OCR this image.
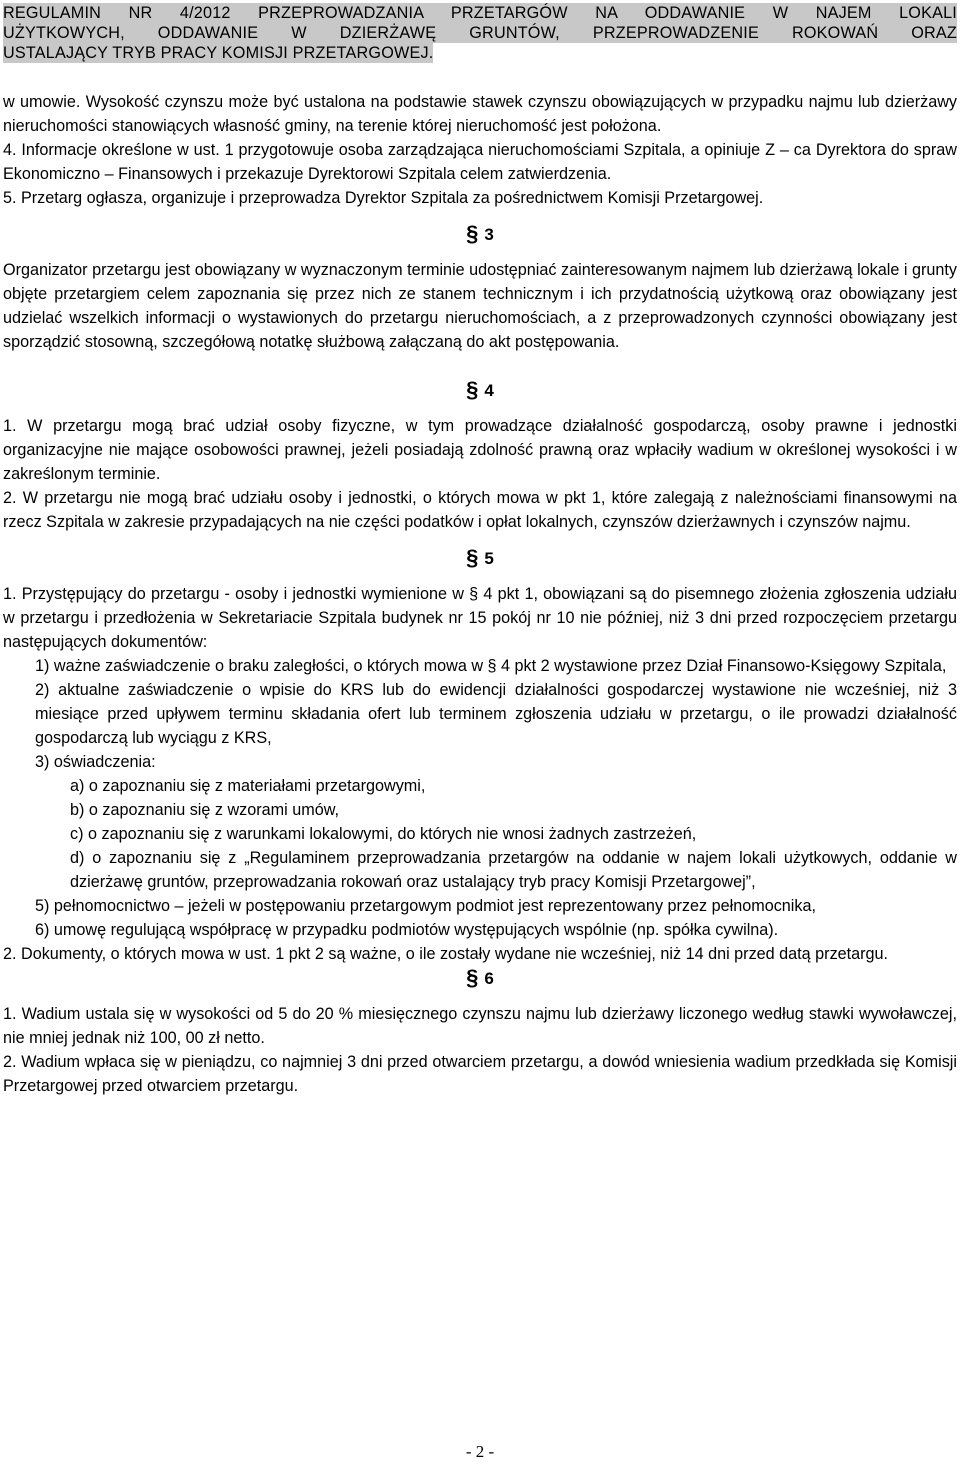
REGULAMIN NR 4/2012 PRZEPROWADZANIA PRZETARGÓW NA ODDAWANIE W NAJEM LOKALI
UŻYTKOWYCH, ODDAWANIE W DZIERŻAWĘ GRUNTÓW, PRZEPROWADZENIE ROKOWAŃ ORAZ
USTALAJĄCY TRYB PRACY KOMISJI PRZETARGOWEJ.

w umowie. Wysokość czynszu może być ustalona na podstawie stawek czynszu obowiązujących w przypadku najmu lub dzierżawy nieruchomości stanowiących własność gminy, na terenie której nieruchomość jest położona.

4. Informacje określone w ust. 1 przygotowuje osoba zarządzająca nieruchomościami Szpitala, a opiniuje Z – ca Dyrektora do spraw Ekonomiczno – Finansowych i przekazuje Dyrektorowi Szpitala celem zatwierdzenia.

5. Przetarg ogłasza, organizuje i przeprowadza Dyrektor Szpitala za pośrednictwem Komisji Przetargowej.

§ 3

Organizator przetargu jest obowiązany w wyznaczonym terminie udostępniać zainteresowanym najmem lub dzierżawą lokale i grunty objęte przetargiem celem zapoznania się przez nich ze stanem technicznym i ich przydatnością użytkową oraz obowiązany jest udzielać wszelkich informacji o wystawionych do przetargu nieruchomościach, a z przeprowadzonych czynności obowiązany jest sporządzić stosowną, szczegółową notatkę służbową załączaną do akt postępowania.

§ 4

1. W przetargu mogą brać udział osoby fizyczne, w tym prowadzące działalność gospodarczą, osoby prawne i jednostki organizacyjne nie mające osobowości prawnej, jeżeli posiadają zdolność prawną oraz wpłaciły wadium w określonej wysokości i w zakreślonym terminie.

2. W przetargu nie mogą brać udziału osoby i jednostki, o których mowa w pkt 1, które zalegają z należnościami finansowymi na rzecz Szpitala w zakresie przypadających na nie części podatków i opłat lokalnych, czynszów dzierżawnych i czynszów najmu.

§ 5

1. Przystępujący do przetargu - osoby i jednostki wymienione w § 4 pkt 1, obowiązani są do pisemnego złożenia zgłoszenia udziału w przetargu i przedłożenia w Sekretariacie Szpitala budynek nr 15 pokój nr 10 nie później, niż 3 dni przed rozpoczęciem przetargu następujących dokumentów:

1) ważne zaświadczenie o braku zaległości, o których mowa w § 4 pkt 2 wystawione przez Dział Finansowo-Księgowy Szpitala,

2) aktualne zaświadczenie o wpisie do KRS lub do ewidencji działalności gospodarczej wystawione nie wcześniej, niż 3 miesiące przed upływem terminu składania ofert lub terminem zgłoszenia udziału w przetargu, o ile prowadzi działalność gospodarczą lub wyciągu z KRS,

3) oświadczenia:

a) o zapoznaniu się z materiałami przetargowymi,

b) o zapoznaniu się z wzorami umów,

c) o zapoznaniu się z warunkami lokalowymi, do których nie wnosi żadnych zastrzeżeń,

d) o zapoznaniu się z „Regulaminem przeprowadzania przetargów na oddanie w najem lokali użytkowych, oddanie w dzierżawę gruntów, przeprowadzania rokowań oraz ustalający tryb pracy Komisji Przetargowej”,

5) pełnomocnictwo – jeżeli w postępowaniu przetargowym podmiot jest reprezentowany przez pełnomocnika,

6) umowę regulującą współpracę w przypadku podmiotów występujących wspólnie (np. spółka cywilna).

2. Dokumenty, o których mowa w ust. 1 pkt 2 są ważne, o ile zostały wydane nie wcześniej, niż 14 dni przed datą przetargu.

§ 6

1. Wadium ustala się w wysokości od 5 do 20 % miesięcznego czynszu najmu lub dzierżawy liczonego według stawki wywoławczej, nie mniej jednak niż 100, 00 zł netto.

2. Wadium wpłaca się w pieniądzu, co najmniej 3 dni przed otwarciem przetargu, a dowód wniesienia wadium przedkłada się Komisji Przetargowej przed otwarciem przetargu.

- 2 -
